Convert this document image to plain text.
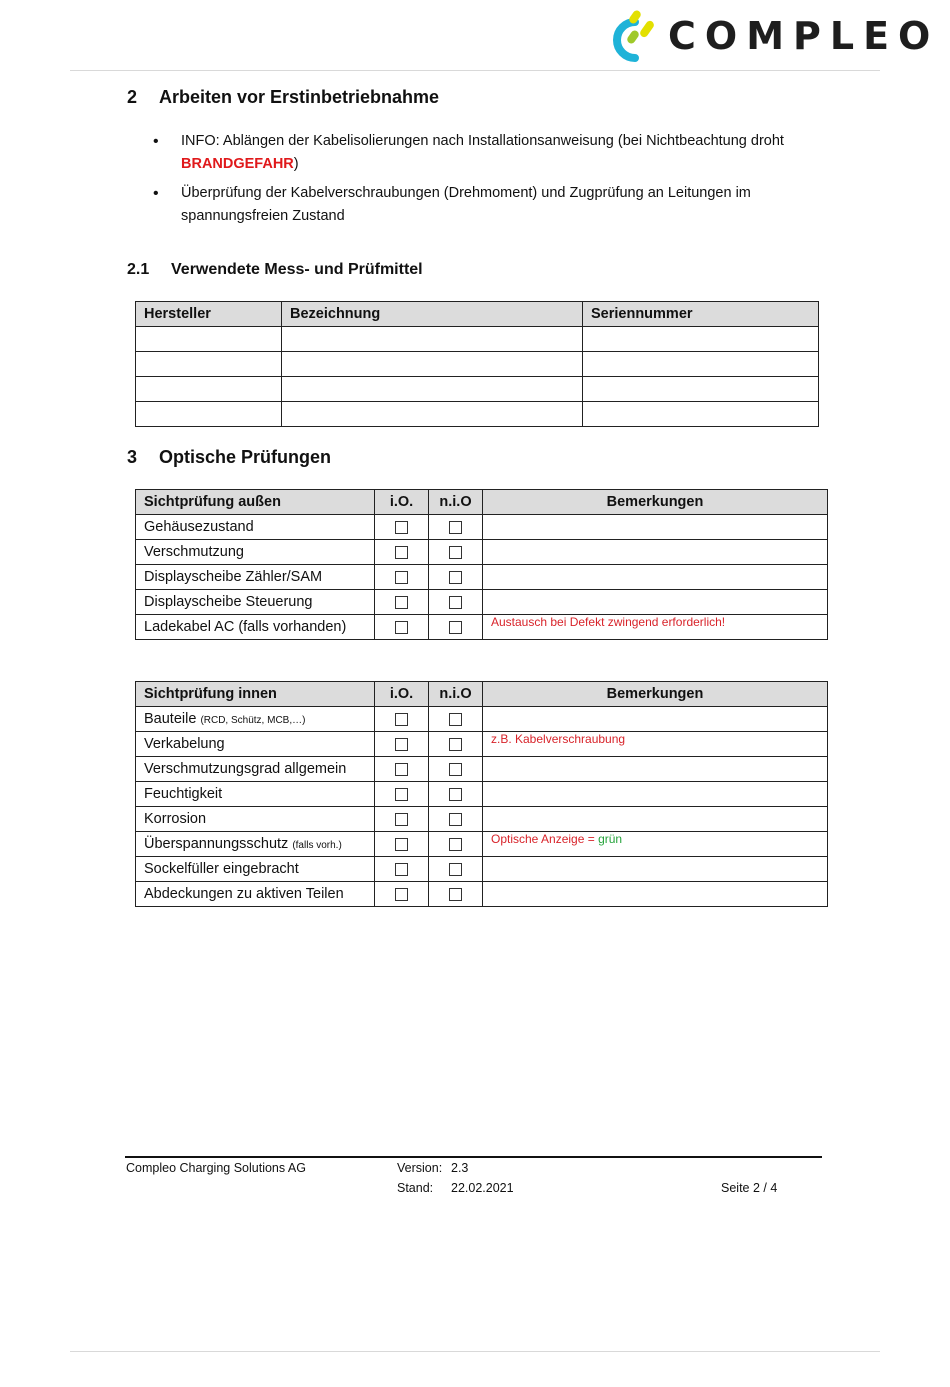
COMPLEO
2 Arbeiten vor Erstinbetriebnahme
• INFO: Ablängen der Kabelisolierungen nach Installationsanweisung (bei Nichtbeachtung droht BRANDGEFAHR)
• Überprüfung der Kabelverschraubungen (Drehmoment) und Zugprüfung an Leitungen im spannungsfreien Zustand
2.1 Verwendete Mess- und Prüfmittel
Hersteller	Bezeichnung	Seriennummer

3 Optische Prüfungen
Sichtprüfung außen	i.O.	n.i.O	Bemerkungen
Gehäusezustand			
Verschmutzung			
Displayscheibe Zähler/SAM			
Displayscheibe Steuerung			
Ladekabel AC (falls vorhanden)			Austausch bei Defekt zwingend erforderlich!
Sichtprüfung innen	i.O.	n.i.O	Bemerkungen
Bauteile (RCD, Schütz, MCB,…)			
Verkabelung			z.B. Kabelverschraubung
Verschmutzungsgrad allgemein			
Feuchtigkeit			
Korrosion			
Überspannungsschutz (falls vorh.)			Optische Anzeige = grün
Sockelfüller eingebracht			
Abdeckungen zu aktiven Teilen			
Compleo Charging Solutions AG	Version: 2.3
Stand: 22.02.2021	Seite 2 / 4
